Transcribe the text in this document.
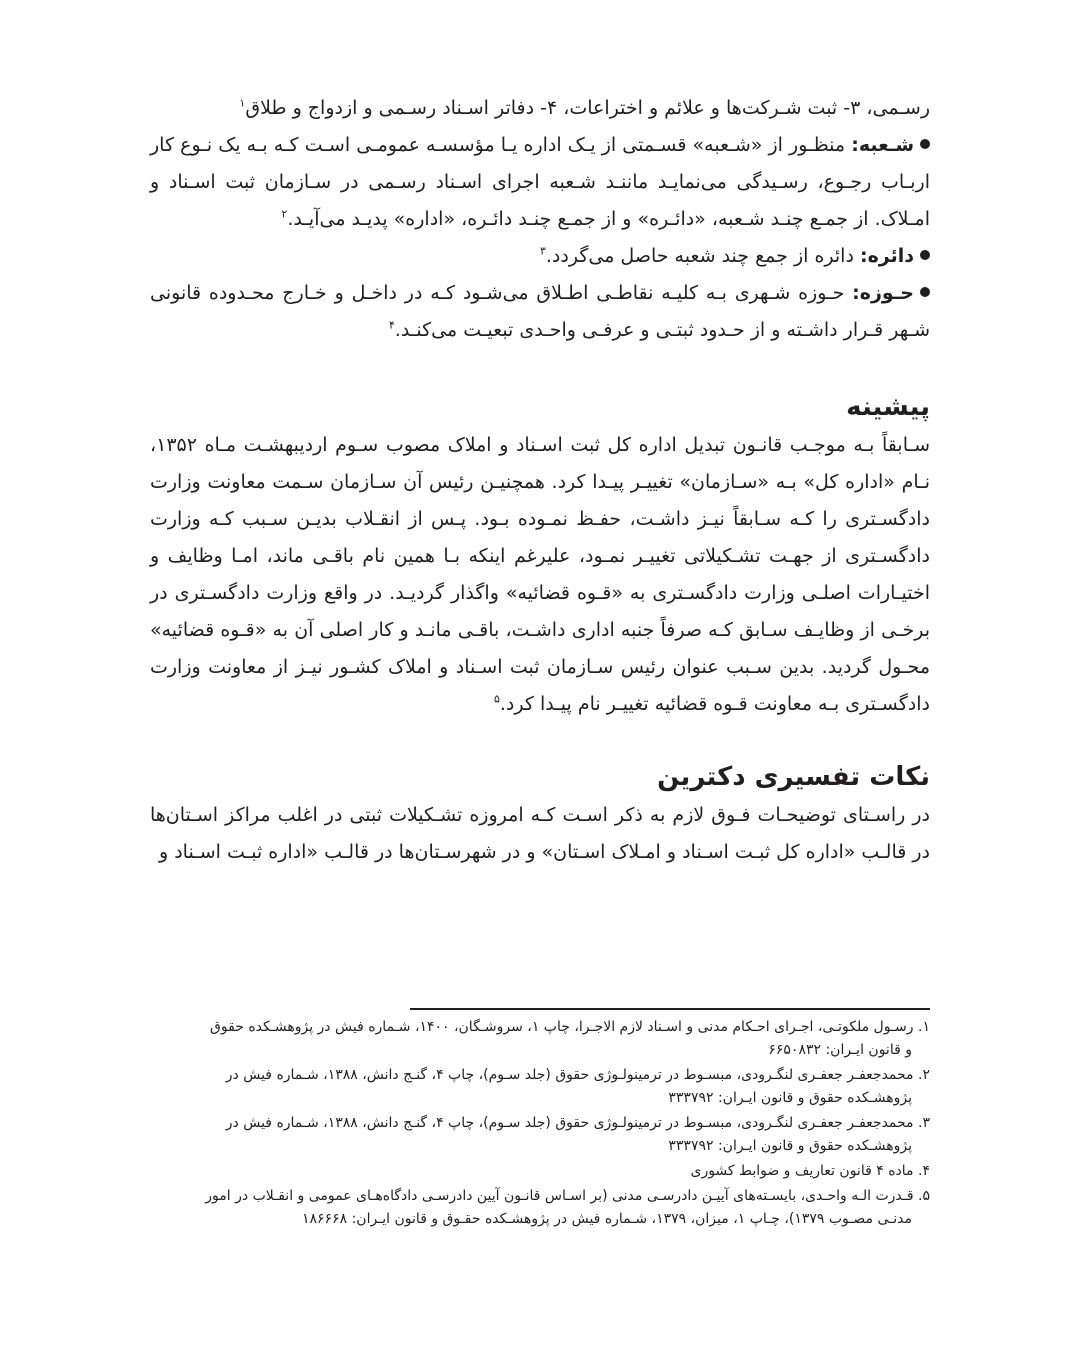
رسـمی، ۳- ثبت شـرکت‌ها و علائم و اختراعات، ۴- دفاتر اسـناد رسـمی و ازدواج و طلاق$^۱$

شـعبه: منظـور از «شـعبه» قسـمتی از یـک اداره یـا مؤسسـه عمومـی اسـت کـه بـه یک نـوع کار اربـاب رجـوع، رسـیدگی می‌نمایـد ماننـد شـعبه اجرای اسـناد رسـمی در سـازمان ثبت اسـناد و امـلاک. از جمـع چنـد شـعبه، «دائـره» و از جمـع چنـد دائـره، «اداره» پدیـد می‌آیـد.$^۲$
دائره: دائره از جمع چند شعبه حاصل می‌گردد.$^۳$
حـوزه: حـوزه شـهری بـه کلیـه نقاطـی اطـلاق می‌شـود کـه در داخـل و خـارج محـدوده قانونی شـهر قـرار داشـته و از حـدود ثبتـی و عرفـی واحـدی تبعیـت می‌کنـد.$^۴$
پیشینه

سـابقاً بـه موجـب قانـون تبدیل اداره کل ثبت اسـناد و املاک مصوب سـوم اردیبهشـت مـاه ۱۳۵۲، نـام «اداره کل» بـه «سـازمان» تغییـر پیـدا کرد. همچنیـن رئیس آن سـازمان سـمت معاونت وزارت دادگسـتری را کـه سـابقاً نیـز داشـت، حفـظ نمـوده بـود. پـس از انقـلاب بدیـن سـبب کـه وزارت دادگسـتری از جهـت تشـکیلاتی تغییـر نمـود، علیرغم اینکه بـا همین نام باقـی ماند، امـا وظایف و اختیـارات اصلـی وزارت دادگسـتری به «قـوه قضائیه» واگذار گردیـد. در واقع وزارت دادگسـتری در برخـی از وظایـف سـابق کـه صرفاً جنبه اداری داشـت، باقـی مانـد و کار اصلی آن به «قـوه قضائیه» محـول گردید. بدین سـبب عنوان رئیس سـازمان ثبت اسـناد و املاک کشـور نیـز از معاونت وزارت دادگسـتری بـه معاونت قـوه قضائیه تغییـر نام پیـدا کرد.$^۵$

نکات تفسیری دکترین

در راسـتای توضیحـات فـوق لازم به ذکر اسـت کـه امروزه تشـکیلات ثبتی در اغلب مراکز اسـتان‌ها در قالـب «اداره کل ثبـت اسـناد و امـلاک اسـتان» و در شهرسـتان‌ها در قالـب «اداره ثبـت اسـناد و

۱. رسـول ملکوتـی، اجـرای احـکام مدنی و اسـناد لازم الاجـرا، چاپ ۱، سروشـگان، ۱۴۰۰، شـماره فیش در پژوهشـکده حقوق
و قانون ایـران: ۶۶۵۰۸۳۲
۲. محمدجعفـر جعفـری لنگـرودی، مبسـوط در ترمینولـوژی حقوق (جلد سـوم)، چاپ ۴، گنـج دانش، ۱۳۸۸، شـماره فیش در
پژوهشـکده حقوق و قانون ایـران: ۳۳۳۷۹۲
۳. محمدجعفـر جعفـری لنگـرودی، مبسـوط در ترمینولـوژی حقوق (جلد سـوم)، چاپ ۴، گنـج دانش، ۱۳۸۸، شـماره فیش در
پژوهشـکده حقوق و قانون ایـران: ۳۳۳۷۹۲
۴. ماده ۴ قانون تعاریف و ضوابط کشوری
۵. قـدرت الـه واحـدی، بایسـته‌های آییـن دادرسـی مدنی (بر اسـاس قانـون آیین دادرسـی دادگاه‌هـای عمومی و انقـلاب در امور
مدنـی مصـوب ۱۳۷۹)، چـاپ ۱، میزان، ۱۳۷۹، شـماره فیش در پژوهشـکده حقـوق و قانون ایـران: ۱۸۶۶۶۸
